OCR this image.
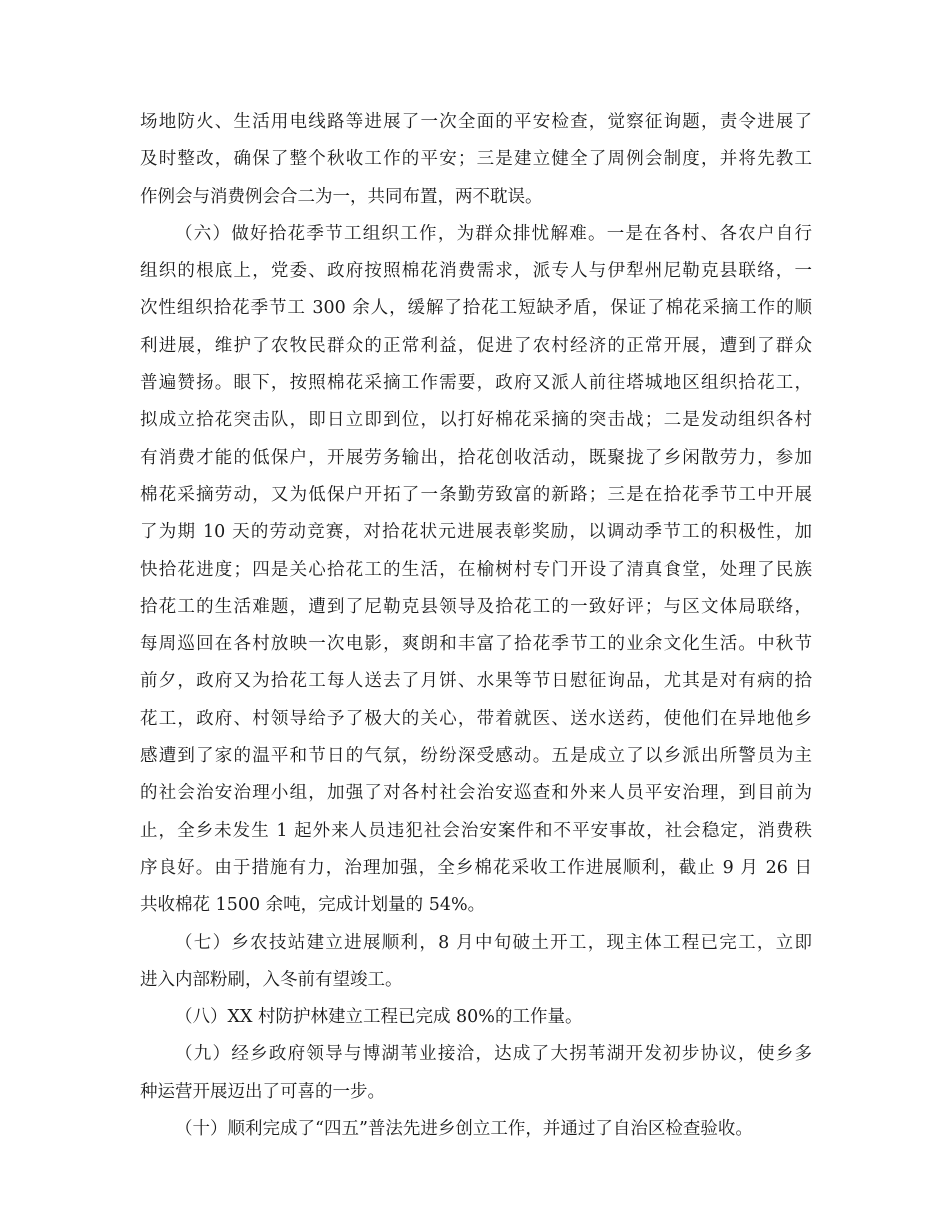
场地防火、生活用电线路等进展了一次全面的平安检查，觉察征询题，责令进展了
及时整改，确保了整个秋收工作的平安；三是建立健全了周例会制度，并将先教工
作例会与消费例会合二为一，共同布置，两不耽误。
（六）做好拾花季节工组织工作，为群众排忧解难。一是在各村、各农户自行
组织的根底上，党委、政府按照棉花消费需求，派专人与伊犁州尼勒克县联络，一
次性组织拾花季节工 300 余人，缓解了拾花工短缺矛盾，保证了棉花采摘工作的顺
利进展，维护了农牧民群众的正常利益，促进了农村经济的正常开展，遭到了群众
普遍赞扬。眼下，按照棉花采摘工作需要，政府又派人前往塔城地区组织拾花工，
拟成立拾花突击队，即日立即到位，以打好棉花采摘的突击战；二是发动组织各村
有消费才能的低保户，开展劳务输出，拾花创收活动，既聚拢了乡闲散劳力，参加
棉花采摘劳动，又为低保户开拓了一条勤劳致富的新路；三是在拾花季节工中开展
了为期 10 天的劳动竞赛，对拾花状元进展表彰奖励，以调动季节工的积极性，加
快拾花进度；四是关心拾花工的生活，在榆树村专门开设了清真食堂，处理了民族
拾花工的生活难题，遭到了尼勒克县领导及拾花工的一致好评；与区文体局联络，
每周巡回在各村放映一次电影，爽朗和丰富了拾花季节工的业余文化生活。中秋节
前夕，政府又为拾花工每人送去了月饼、水果等节日慰征询品，尤其是对有病的拾
花工，政府、村领导给予了极大的关心，带着就医、送水送药，使他们在异地他乡
感遭到了家的温平和节日的气氛，纷纷深受感动。五是成立了以乡派出所警员为主
的社会治安治理小组，加强了对各村社会治安巡查和外来人员平安治理，到目前为
止，全乡未发生 1 起外来人员违犯社会治安案件和不平安事故，社会稳定，消费秩
序良好。由于措施有力，治理加强，全乡棉花采收工作进展顺利，截止 9 月 26 日
共收棉花 1500 余吨，完成计划量的 54%。
（七）乡农技站建立进展顺利，8 月中旬破土开工，现主体工程已完工，立即
进入内部粉刷，入冬前有望竣工。
（八）XX 村防护林建立工程已完成 80%的工作量。
（九）经乡政府领导与博湖苇业接洽，达成了大拐苇湖开发初步协议，使乡多
种运营开展迈出了可喜的一步。
（十）顺利完成了“四五”普法先进乡创立工作，并通过了自治区检查验收。
